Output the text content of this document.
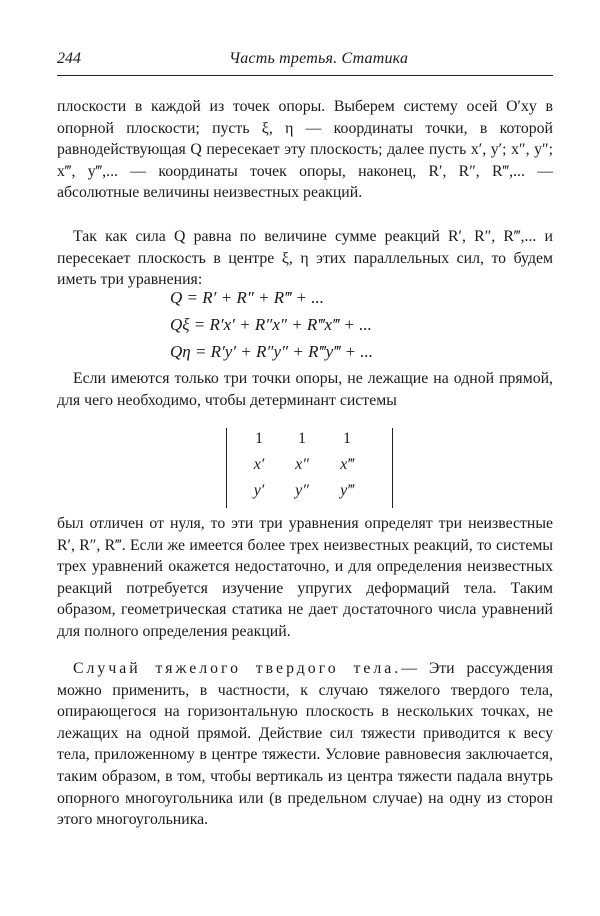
244	Часть третья. Статика

плоскости в каждой из точек опоры. Выберем систему осей O′xy в опорной плоскости; пусть ξ, η — координаты точки, в которой равнодействующая Q пересекает эту плоскость; далее пусть x′, y′; x″, y″; x‴, y‴,... — координаты точек опоры, наконец, R′, R″, R‴,... — абсолютные величины неизвестных реакций.

Так как сила Q равна по величине сумме реакций R′, R″, R‴,... и пересекает плоскость в центре ξ, η этих параллельных сил, то будем иметь три уравнения:

Q = R′ + R″ + R‴ + ...
Qξ = R′x′ + R″x″ + R‴x‴ + ...
Qη = R′y′ + R″y″ + R‴y‴ + ...

Если имеются только три точки опоры, не лежащие на одной прямой, для чего необходимо, чтобы детерминант системы

1	1	1
x′	x″	x‴
y′	y″	y‴

был отличен от нуля, то эти три уравнения определят три неизвестные R′, R″, R‴. Если же имеется более трех неизвестных реакций, то системы трех уравнений окажется недостаточно, и для определения неизвестных реакций потребуется изучение упругих деформаций тела. Таким образом, геометрическая статика не дает достаточного числа уравнений для полного определения реакций.

Случай тяжелого твердого тела.— Эти рассуждения можно применить, в частности, к случаю тяжелого твердого тела, опирающегося на горизонтальную плоскость в нескольких точках, не лежащих на одной прямой. Действие сил тяжести приводится к весу тела, приложенному в центре тяжести. Условие равновесия заключается, таким образом, в том, чтобы вертикаль из центра тяжести падала внутрь опорного многоугольника или (в предельном случае) на одну из сторон этого многоугольника.
